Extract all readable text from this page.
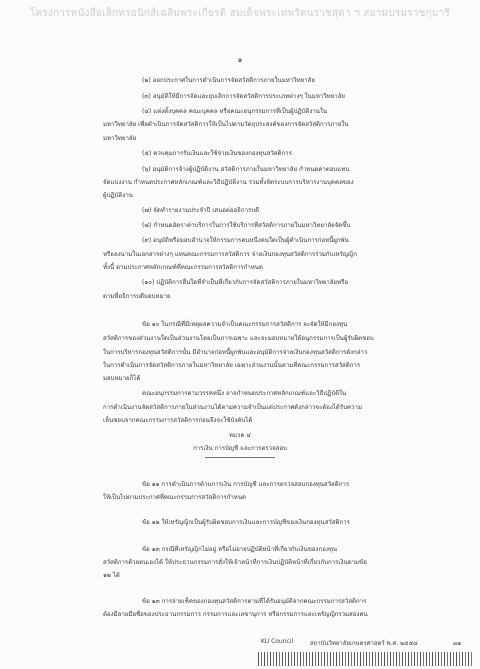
โครงการหนังสือเล็กทรอนิกส์เฉลิมพระเกียรติ สมเด็จพระเทพรัตนราชสุดา ฯ สยามบรมราชกุมารี
๑
(๒) ออกประกาศในการดำเนินการจัดสวัสดิการภายในมหาวิทยาลัย
(๓) อนุมัติให้มีการจัดและยุบเลิกการจัดสวัสดิการประเภทต่างๆ ในมหาวิทยาลัย
(๔) แต่งตั้งบุคคล คณะบุคคล หรือคณะอนุกรรมการที่เป็นผู้ปฏิบัติงานใน
มหาวิทยาลัย เพื่อดำเนินการจัดสวัสดิการให้เป็นไปตามวัตถุประสงค์ของการจัดสวัสดิการภายใน
มหาวิทยาลัย
(๕) ควบคุมการรับเงินและใช้จ่ายเงินของกองทุนสวัสดิการ
(๖) อนุมัติการจ้างผู้ปฏิบัติงาน สวัสดิการภายในมหาวิทยาลัย กำหนดค่าตอบแทน
จัดแบ่งงาน กำหนดประกาศหลักเกณฑ์และวิธีปฏิบัติงาน รวมทั้งจัดระบบการบริหารงานบุคคลของ
ผู้ปฏิบัติงาน
(๗) จัดทำรายงานประจำปี เสนอต่ออธิการบดี
(๘) กำหนดอัตราค่าบริการในการใช้บริการที่สวัสดิการภายในมหาวิทยาลัยจัดขึ้น
(๙) อนุมัติหรือมอบอำนาจให้กรรมการคนหนึ่งคนใดเป็นผู้ดำเนินการก่อหนี้ผูกพัน
หรือลงนามในเอกสารต่างๆ แทนคณะกรรมการสวัสดิการ จ่ายเงินกองทุนสวัสดิการร่วมกับเหรัญญิก
ทั้งนี้ ตามประกาศหลักเกณฑ์ที่คณะกรรมการสวัสดิการกำหนด
(๑๐) ปฏิบัติการอื่นใดที่จำเป็นที่เกี่ยวกับการจัดสวัสดิการภายในมหาวิทยาลัยหรือ
ตามที่อธิการบดีมอบหมาย
ข้อ ๑๐ ในกรณีที่มีเหตุผลความจำเป็นคณะกรรมการสวัสดิการ จะจัดให้มีกองทุน
สวัสดิการของส่วนงานใดเป็นส่วนงานโดยเป็นการเฉพาะ และจะมอบหมายให้อนุกรรมการเป็นผู้รับผิดชอบ
ในการบริหารกองทุนสวัสดิการนั้น มีอำนาจก่อหนี้ผูกพันและอนุมัติการจ่ายเงินกองทุนสวัสดิการดังกล่าว
ในการดำเนินการจัดสวัสดิการภายในมหาวิทยาลัย เฉพาะส่วนงานนั้นตามที่คณะกรรมการสวัสดิการ
มอบหมายก็ได้
คณะอนุกรรมการตามวรรคหนึ่ง อาจกำหนดประกาศหลักเกณฑ์และวิธีปฏิบัติใน
การดำเนินงานจัดสวัสดิการภายในส่วนงานได้ตามความจำเป็นแต่ประกาศดังกล่าวจะต้องได้รับความ
เห็นชอบจากคณะกรรมการสวัสดิการก่อนจึงจะใช้บังคับได้
หมวด ๔
การเงิน การบัญชี และการตรวจสอบ
ข้อ ๑๑ การดำเนินการด้านการเงิน การบัญชี และการตรวจสอบกองทุนสวัสดิการ
ให้เป็นไปตามประกาศที่คณะกรรมการสวัสดิการกำหนด
ข้อ ๑๒ ให้เหรัญญิกเป็นผู้รับผิดชอบการเงินและการบัญชีของเงินกองทุนสวัสดิการ
ข้อ ๑๓ กรณีที่เหรัญญิกไม่อยู่ หรือไม่อาจปฏิบัติหน้าที่เกี่ยวกับเงินของกองทุน
สวัสดิการด้วยตนเองได้ ให้ประธานกรรมการสั่งให้เจ้าหน้าที่การเงินปฏิบัติหน้าที่เกี่ยวกับการเงินตามข้อ
๑๒ ได้
ข้อ ๑๓ การจ่ายเช็คของกองทุนสวัสดิการตามที่ได้รับอนุมัติจากคณะกรรมการสวัสดิการ
ต้องมีลายมือชื่อของประธานกรรมการ กรรมการและเลขานุการ หรือกรรมการและเหรัญญิกรวมสองคน
KU Council	สถาบันวิทยาลัยเกษตรศาสตร์ พ.ศ. ๒๕๕๘	๗๑
